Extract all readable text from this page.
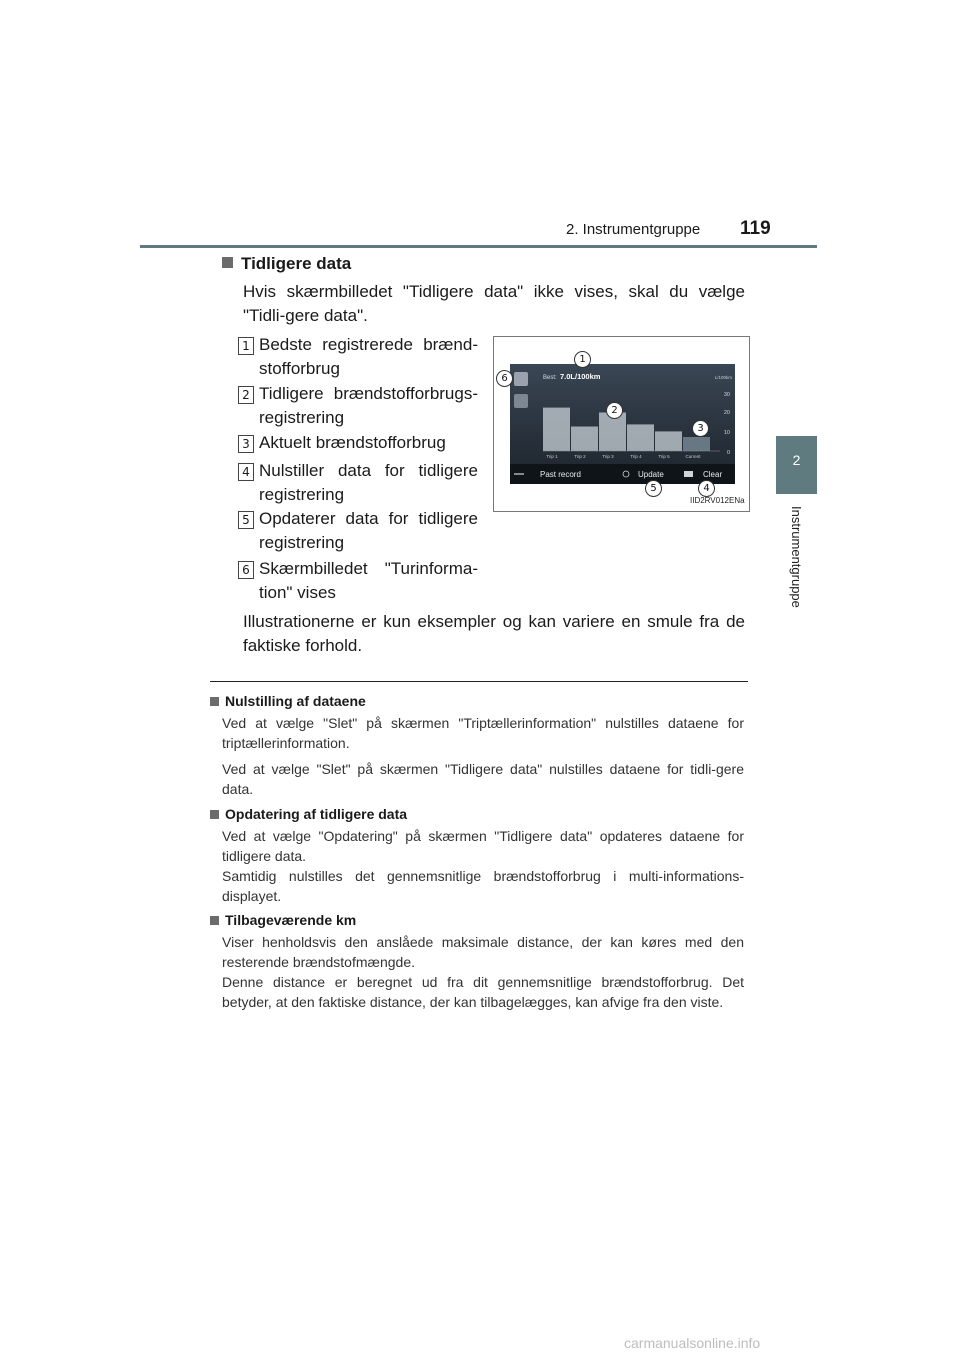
2. Instrumentgruppe 119
2
Instrumentgruppe
Tidligere data
Hvis skærmbilledet "Tidligere data" ikke vises, skal du vælge "Tidli-gere data".
1 Bedste registrerede brænd-stofforbrug
2 Tidligere brændstofforbrugs-registrering
3 Aktuelt brændstofforbrug
4 Nulstiller data for tidligere registrering
5 Opdaterer data for tidligere registrering
6 Skærmbilledet "Turinforma-tion" vises
Illustrationerne er kun eksempler og kan variere en smule fra de faktiske forhold.
Best: 7.0L/100km	L/100km
30
20
10
0
Trip 1	Trip 2	Trip 3	Trip 4	Trip 5	Current
Past record	Update	Clear
1
2
3
4
5
6
IID2RV012ENa
Nulstilling af dataene

Ved at vælge "Slet" på skærmen "Triptællerinformation" nulstilles dataene for triptællerinformation.

Ved at vælge "Slet" på skærmen "Tidligere data" nulstilles dataene for tidli-gere data.

Opdatering af tidligere data

Ved at vælge "Opdatering" på skærmen "Tidligere data" opdateres dataene for tidligere data.

Samtidig nulstilles det gennemsnitlige brændstofforbrug i multi-informations-displayet.

Tilbageværende km

Viser henholdsvis den anslåede maksimale distance, der kan køres med den resterende brændstofmængde.

Denne distance er beregnet ud fra dit gennemsnitlige brændstofforbrug. Det betyder, at den faktiske distance, der kan tilbagelægges, kan afvige fra den viste.

carmanualsonline.info
